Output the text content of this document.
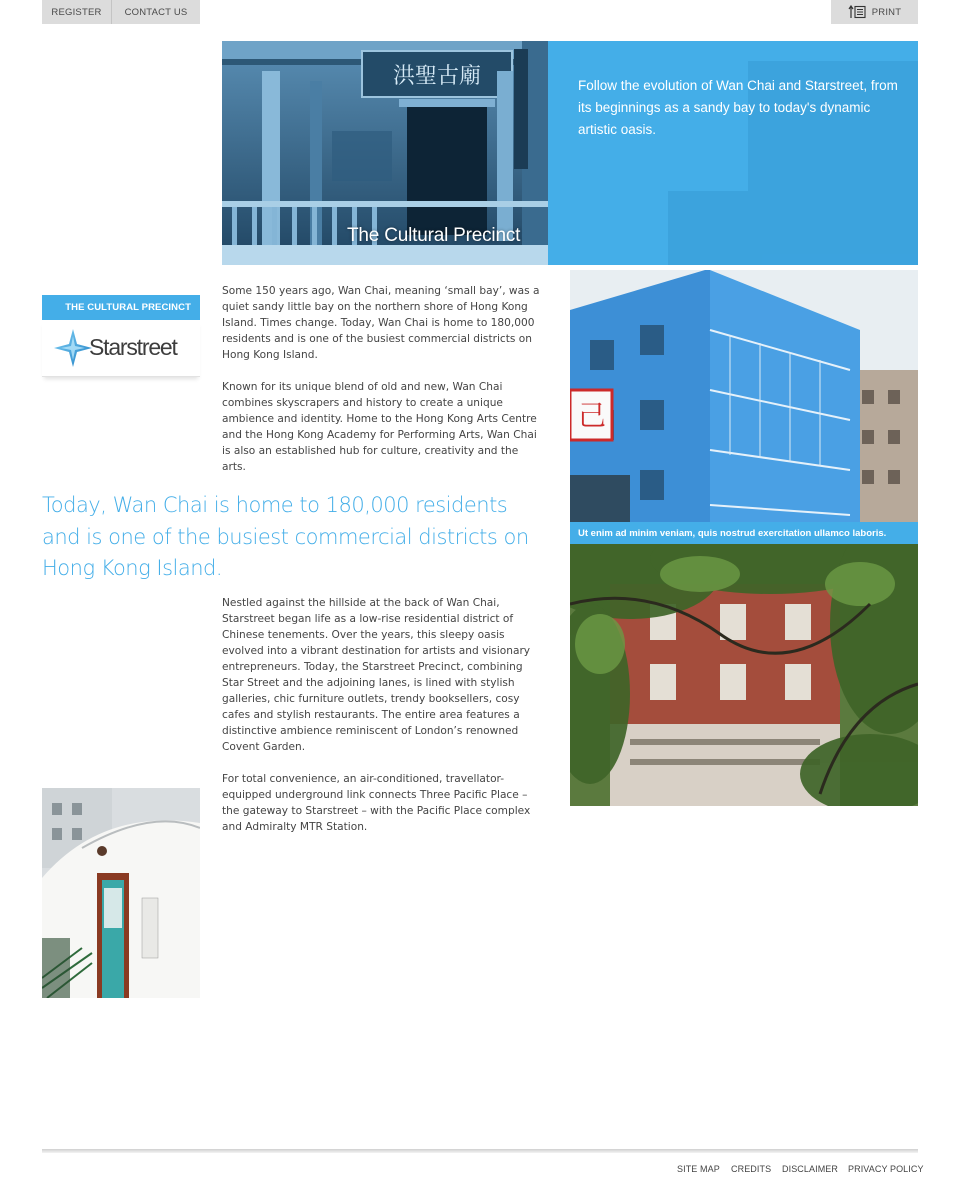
REGISTER CONTACT US	PRINT
洪聖古廟
The Cultural Precinct
Follow the evolution of Wan Chai and Starstreet, from its beginnings as a sandy bay to today's dynamic artistic oasis.
THE CULTURAL PRECINCT
Starstreet
Some 150 years ago, Wan Chai, meaning ‘small bay’, was a quiet sandy little bay on the northern shore of Hong Kong Island. Times change. Today, Wan Chai is home to 180,000 residents and is one of the busiest commercial districts on Hong Kong Island.
Known for its unique blend of old and new, Wan Chai combines skyscrapers and history to create a unique ambience and identity. Home to the Hong Kong Arts Centre and the Hong Kong Academy for Performing Arts, Wan Chai is also an established hub for culture, creativity and the arts.
Today, Wan Chai is home to 180,000 residents and is one of the busiest commercial districts on Hong Kong Island.
Nestled against the hillside at the back of Wan Chai, Starstreet began life as a low-rise residential district of Chinese tenements. Over the years, this sleepy oasis evolved into a vibrant destination for artists and visionary entrepreneurs. Today, the Starstreet Precinct, combining Star Street and the adjoining lanes, is lined with stylish galleries, chic furniture outlets, trendy booksellers, cosy cafes and stylish restaurants. The entire area features a distinctive ambience reminiscent of London’s renowned Covent Garden.
For total convenience, an air-conditioned, travellator-equipped underground link connects Three Pacific Place – the gateway to Starstreet – with the Pacific Place complex and Admiralty MTR Station.
己
Ut enim ad minim veniam, quis nostrud exercitation ullamco laboris.
SITE MAP CREDITS DISCLAIMER PRIVACY POLICY
